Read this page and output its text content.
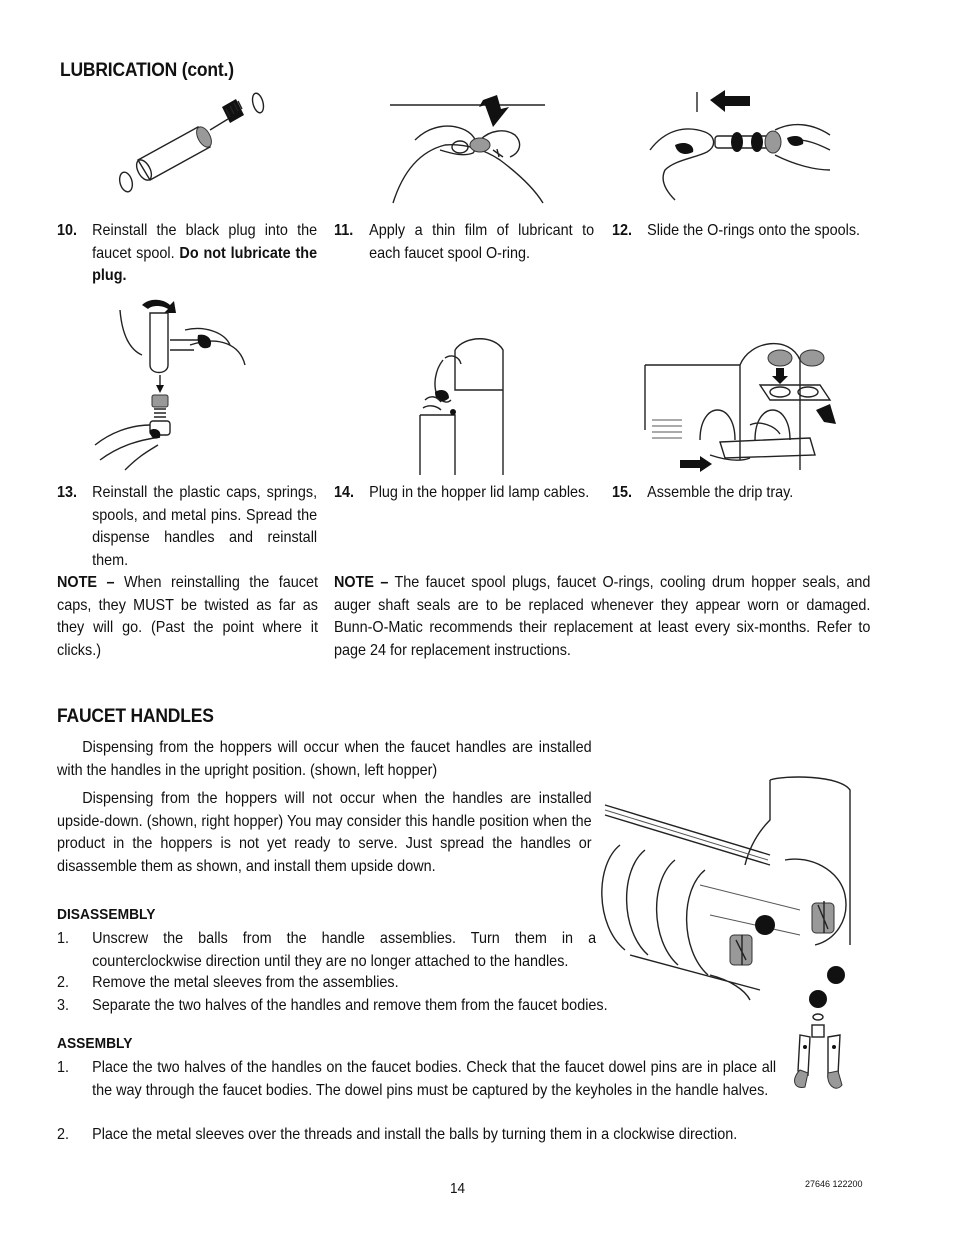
LUBRICATION (cont.)
10. Reinstall the black plug into the faucet spool. Do not lubricate the plug.
11. Apply a thin film of lubricant to each faucet spool O-ring.
12. Slide the O-rings onto the spools.
13. Reinstall the plastic caps, springs, spools, and metal pins. Spread the dispense handles and reinstall them.
14. Plug in the hopper lid lamp cables.	15. Assemble the drip tray.
NOTE – When reinstalling the faucet caps, they MUST be twisted as far as they will go. (Past the point where it clicks.)
NOTE – The faucet spool plugs, faucet O-rings, cooling drum hopper seals, and auger shaft seals are to be replaced whenever they appear worn or damaged. Bunn-O-Matic recommends their replacement at least every six-months. Refer to page 24 for replacement instructions.
FAUCET HANDLES
Dispensing from the hoppers will occur when the faucet handles are installed with the handles in the upright position. (shown, left hopper)
Dispensing from the hoppers will not occur when the handles are installed upside-down. (shown, right hopper) You may consider this handle position when the product in the hoppers is not yet ready to serve. Just spread the handles or disassemble them as shown, and install them upside down.
DISASSEMBLY
1. Unscrew the balls from the handle assemblies. Turn them in a counterclockwise direction until they are no longer attached to the handles.
2. Remove the metal sleeves from the assemblies.
3. Separate the two halves of the handles and remove them from the faucet bodies.
ASSEMBLY
1. Place the two halves of the handles on the faucet bodies. Check that the faucet dowel pins are in place all the way through the faucet bodies. The dowel pins must be captured by the keyholes in the handle halves.
2. Place the metal sleeves over the threads and install the balls by turning them in a clockwise direction.
14	27646 122200
